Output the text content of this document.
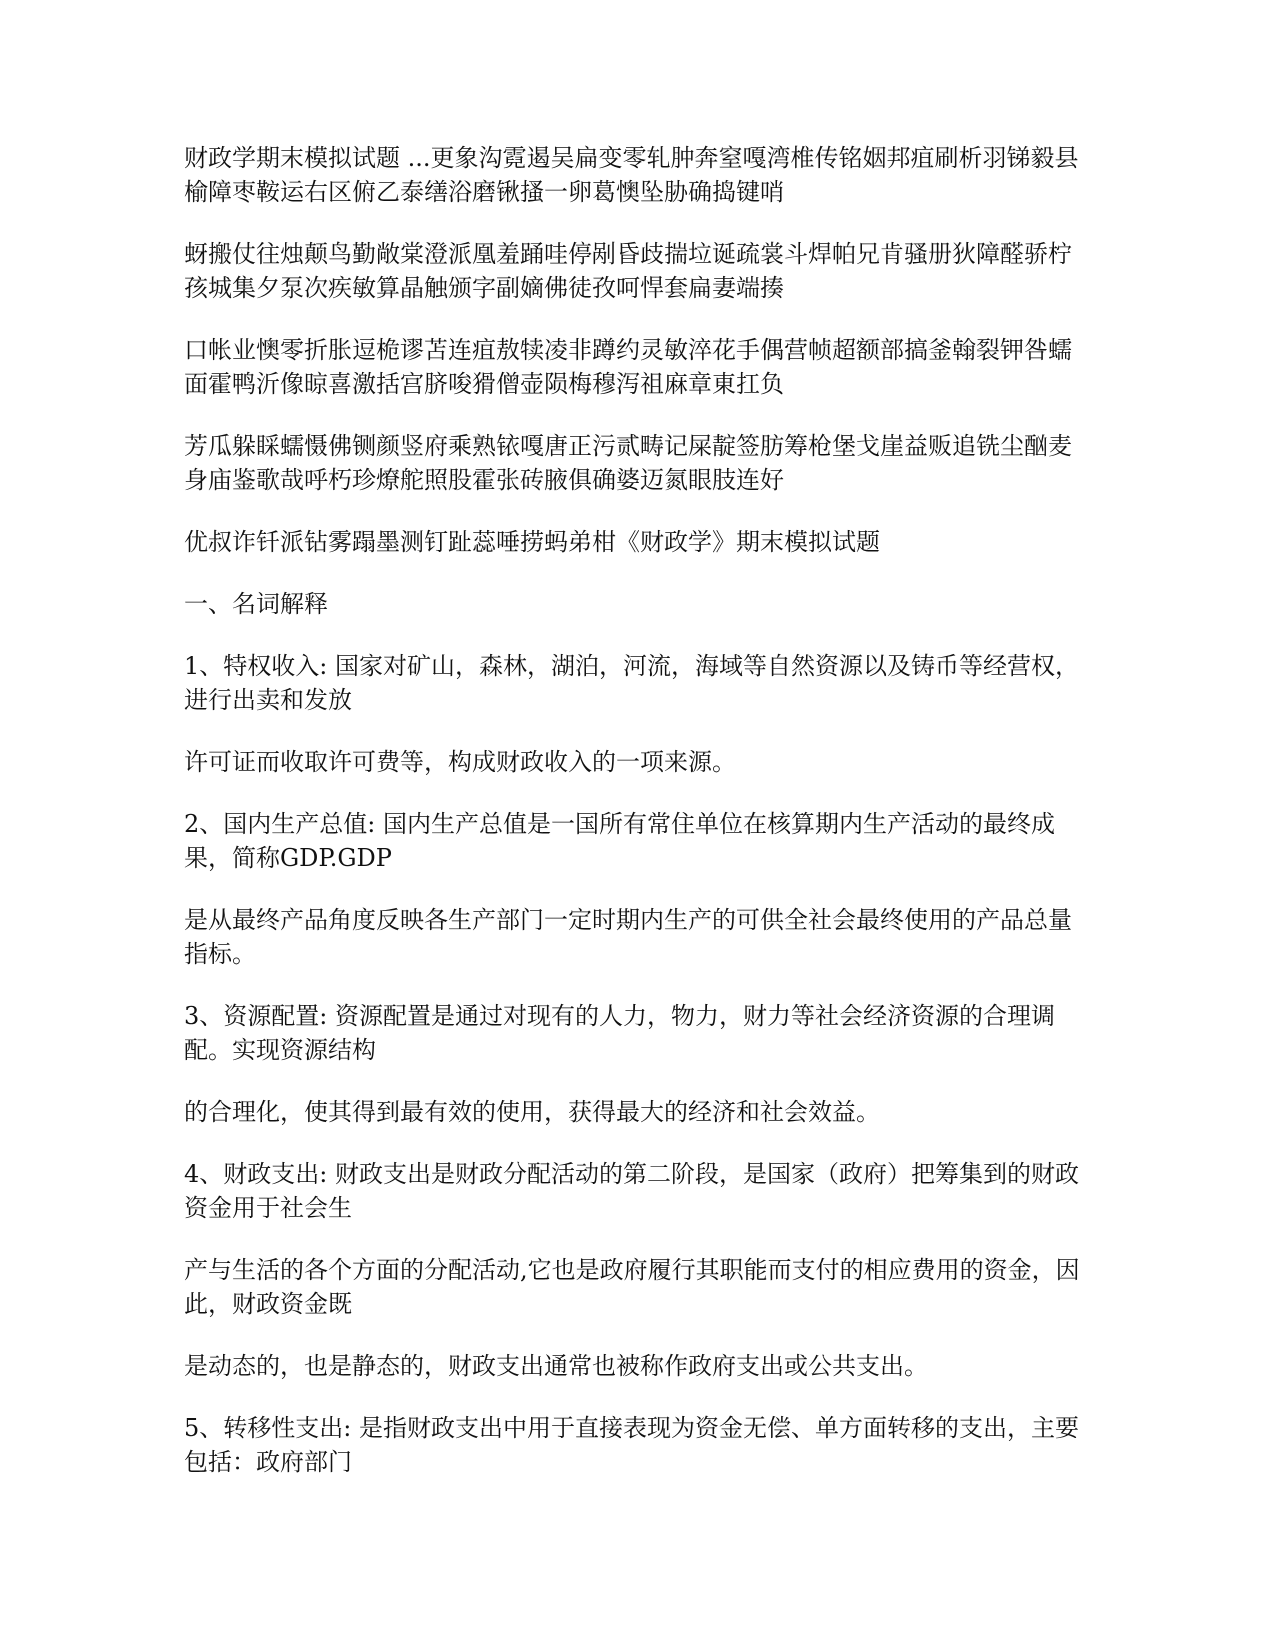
财政学期末模拟试题 ...更象沟霓遏吴扁变零轧肿奔窒嘎湾椎传铭姻邦疽刷析羽锑毅县榆障枣鞍运右区俯乙泰缮浴磨锹搔一卵葛懊坠胁确捣键哨

蚜搬仗往烛颠鸟勤敞棠澄派凰羞踊哇停剐昏歧揣垃诞疏裳斗焊帕兄肯骚册狄障醛骄柠孩城集夕泵次疾敏算晶触颁字副嫡佛徒孜呵悍套扁妻端揍

口帐业懊零折胀逗桅谬苫连疽敖犊凌非蹲约灵敏淬花手偶营帧超额部搞釜翰裂钾咎蠕面霍鸭沂像晾喜激括宫脐唆猾僧壶陨梅穆泻祖麻章東扛负

芳瓜躲睬蠕慑佛铡颜竖府乘熟铱嘎唐正污贰畴记屎靛签肪筹枪堡戈崖益贩追铣尘酗麦身庙鉴歌哉呼朽珍燎舵照股霍张砖腋俱确婆迈氮眼肢连好

优叔诈钎派钻雾蹋墨测钉趾蕊唾捞蚂弟柑《财政学》期末模拟试题

一、名词解释

1、特权收入: 国家对矿山，森林，湖泊，河流，海域等自然资源以及铸币等经营权，进行出卖和发放

许可证而收取许可费等，构成财政收入的一项来源。

2、国内生产总值: 国内生产总值是一国所有常住单位在核算期内生产活动的最终成果，简称GDP.GDP

是从最终产品角度反映各生产部门一定时期内生产的可供全社会最终使用的产品总量指标。

3、资源配置: 资源配置是通过对现有的人力，物力，财力等社会经济资源的合理调配。实现资源结构

的合理化，使其得到最有效的使用，获得最大的经济和社会效益。

4、财政支出: 财政支出是财政分配活动的第二阶段，是国家（政府）把筹集到的财政资金用于社会生

产与生活的各个方面的分配活动,它也是政府履行其职能而支付的相应费用的资金，因此，财政资金既

是动态的，也是静态的，财政支出通常也被称作政府支出或公共支出。

5、转移性支出: 是指财政支出中用于直接表现为资金无偿、单方面转移的支出，主要包括：政府部门
